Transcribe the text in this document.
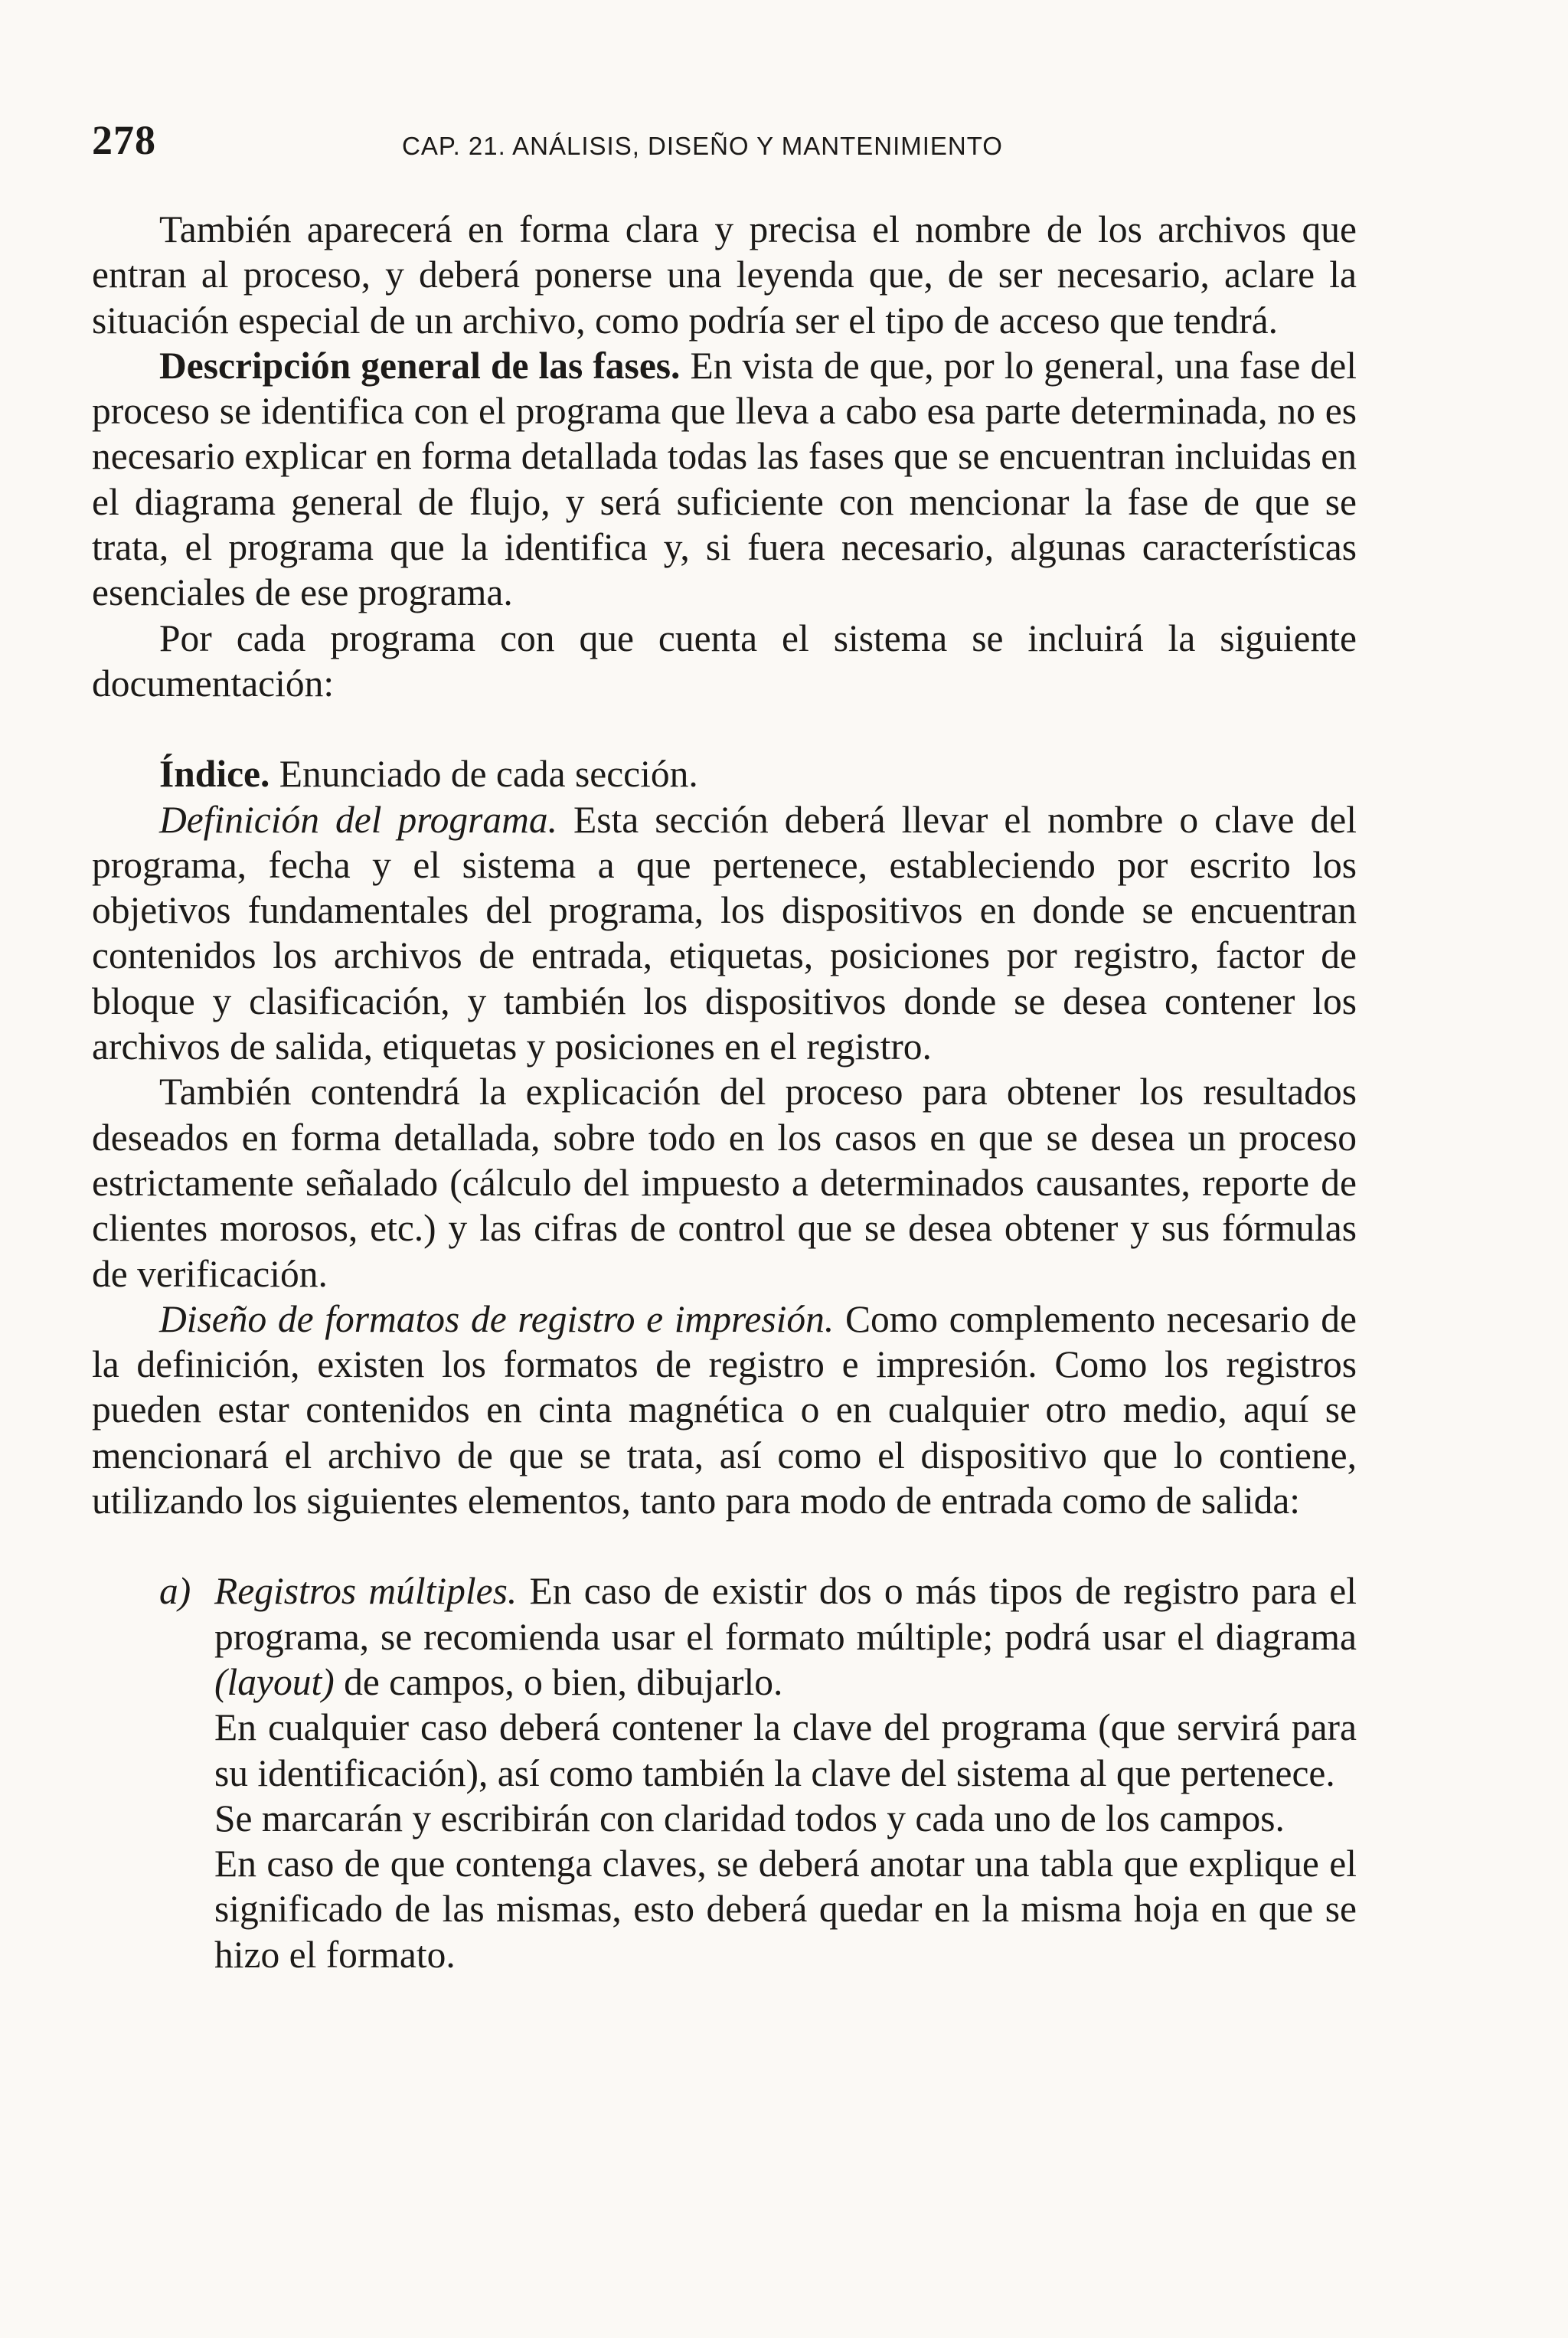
278	CAP. 21. ANÁLISIS, DISEÑO Y MANTENIMIENTO

También aparecerá en forma clara y precisa el nombre de los archivos que entran al proceso, y deberá ponerse una leyenda que, de ser necesario, aclare la situación especial de un archivo, como podría ser el tipo de acceso que tendrá.

Descripción general de las fases. En vista de que, por lo general, una fase del proceso se identifica con el programa que lleva a cabo esa parte determinada, no es necesario explicar en forma detallada todas las fases que se encuentran incluidas en el diagrama general de flujo, y será suficiente con mencionar la fase de que se trata, el programa que la identifica y, si fuera necesario, algunas características esenciales de ese programa.

Por cada programa con que cuenta el sistema se incluirá la siguiente documentación:

Índice. Enunciado de cada sección.

Definición del programa. Esta sección deberá llevar el nombre o clave del programa, fecha y el sistema a que pertenece, estableciendo por escrito los objetivos fundamentales del programa, los dispositivos en donde se encuentran contenidos los archivos de entrada, etiquetas, posiciones por registro, factor de bloque y clasificación, y también los dispositivos donde se desea contener los archivos de salida, etiquetas y posiciones en el registro.

También contendrá la explicación del proceso para obtener los resultados deseados en forma detallada, sobre todo en los casos en que se desea un proceso estrictamente señalado (cálculo del impuesto a determinados causantes, reporte de clientes morosos, etc.) y las cifras de control que se desea obtener y sus fórmulas de verificación.

Diseño de formatos de registro e impresión. Como complemento necesario de la definición, existen los formatos de registro e impresión. Como los registros pueden estar contenidos en cinta magnética o en cualquier otro medio, aquí se mencionará el archivo de que se trata, así como el dispositivo que lo contiene, utilizando los siguientes elementos, tanto para modo de entrada como de salida:

a) Registros múltiples. En caso de existir dos o más tipos de registro para el programa, se recomienda usar el formato múltiple; podrá usar el diagrama (layout) de campos, o bien, dibujarlo.

En cualquier caso deberá contener la clave del programa (que servirá para su identificación), así como también la clave del sistema al que pertenece.

Se marcarán y escribirán con claridad todos y cada uno de los campos.

En caso de que contenga claves, se deberá anotar una tabla que explique el significado de las mismas, esto deberá quedar en la misma hoja en que se hizo el formato.
